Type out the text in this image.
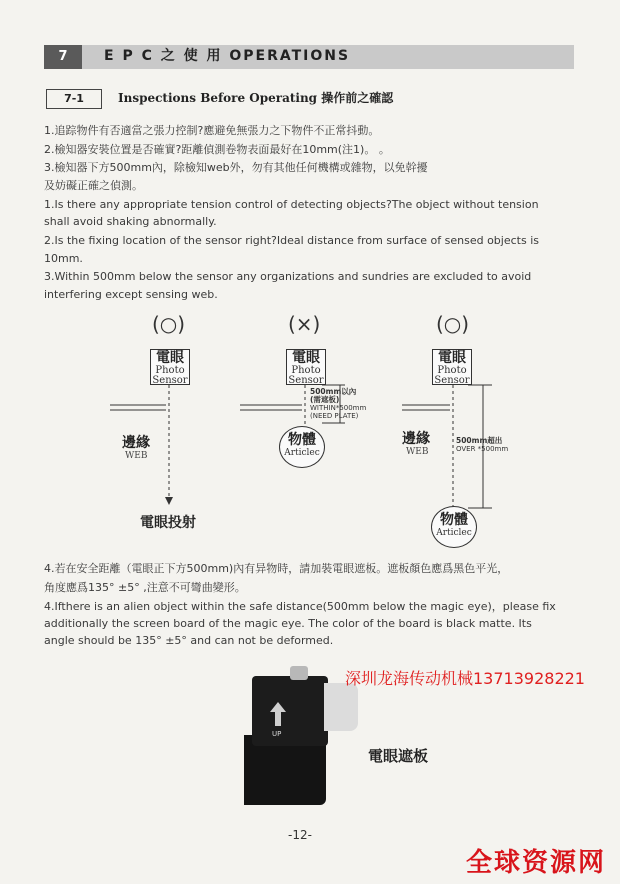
7	E P C 之 使 用 OPERATIONS
7-1	Inspections Before Operating 操作前之確認
1.追踪物件有否適當之張力控制?應避免無張力之下物件不正常抖動。
2.檢知器安裝位置是否確實?距離偵測卷物表面最好在10mm(注1)。 。
3.檢知器下方500mm內，除檢知web外，勿有其他任何機構或雜物，以免幹擾
及妨礙正確之偵測。
1.Is there any appropriate tension control of detecting objects?The object without tension
shall avoid shaking abnormally.
2.Is the fixing location of the sensor right?Ideal distance from surface of sensed objects is
10mm.
3.Within 500mm below the sensor any organizations and sundries are excluded to avoid
interfering except sensing web.
(○)
電眼
Photo
Sensor
邊緣
WEB
電眼投射
(×)
電眼
Photo
Sensor
500mm以內
(需遮板)
WITHIN*500mm
(NEED PLATE)
物體
Articlec
(○)
電眼
Photo
Sensor
邊緣
WEB
500mm超出
OVER *500mm
物體
Articlec
4.若在安全距離（電眼正下方500mm)內有异物時，請加裝電眼遮板。遮板顏色應爲黑色平光，
角度應爲135° ±5° ,注意不可彎曲變形。
4.Ifthere is an alien object within the safe distance(500mm below the magic eye)，please fix
additionally the screen board of the magic eye. The color of the board is black matte. Its
angle should be 135° ±5° and can not be deformed.
UP
深圳龙海传动机械13713928221
電眼遮板
-12-
全球资源网
